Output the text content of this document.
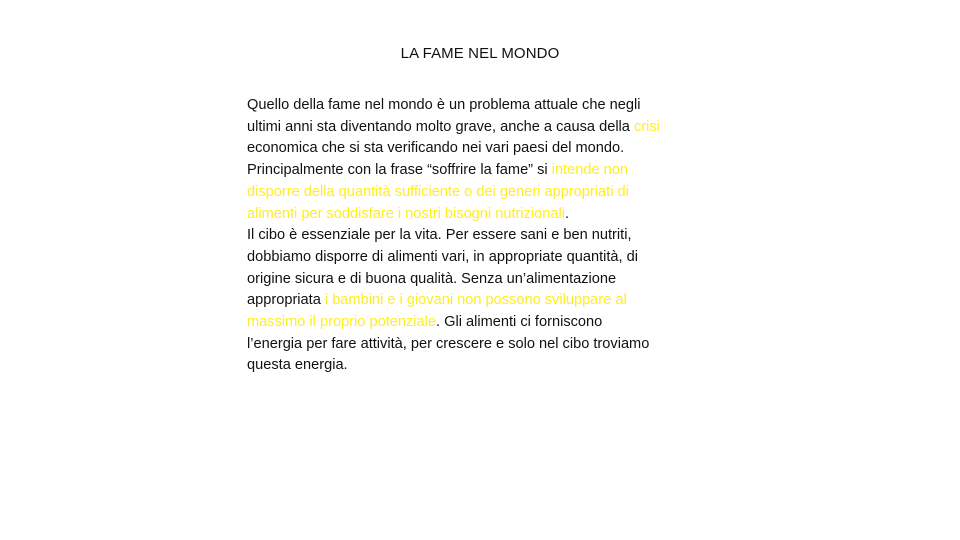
LA FAME NEL MONDO
Quello della fame nel mondo è un problema attuale che negli
ultimi anni sta diventando molto grave, anche a causa della crisi
economica che si sta verificando nei vari paesi del mondo.
Principalmente con la frase “soffrire la fame” si intende non
disporre della quantità sufficiente o dei generi appropriati di
alimenti per soddisfare i nostri bisogni nutrizionali.
Il cibo è essenziale per la vita. Per essere sani e ben nutriti,
dobbiamo disporre di alimenti vari, in appropriate quantità, di
origine sicura e di buona qualità. Senza un’alimentazione
appropriata i bambini e i giovani non possono sviluppare al
massimo il proprio potenziale. Gli alimenti ci forniscono
l’energia per fare attività, per crescere e solo nel cibo troviamo
questa energia.
